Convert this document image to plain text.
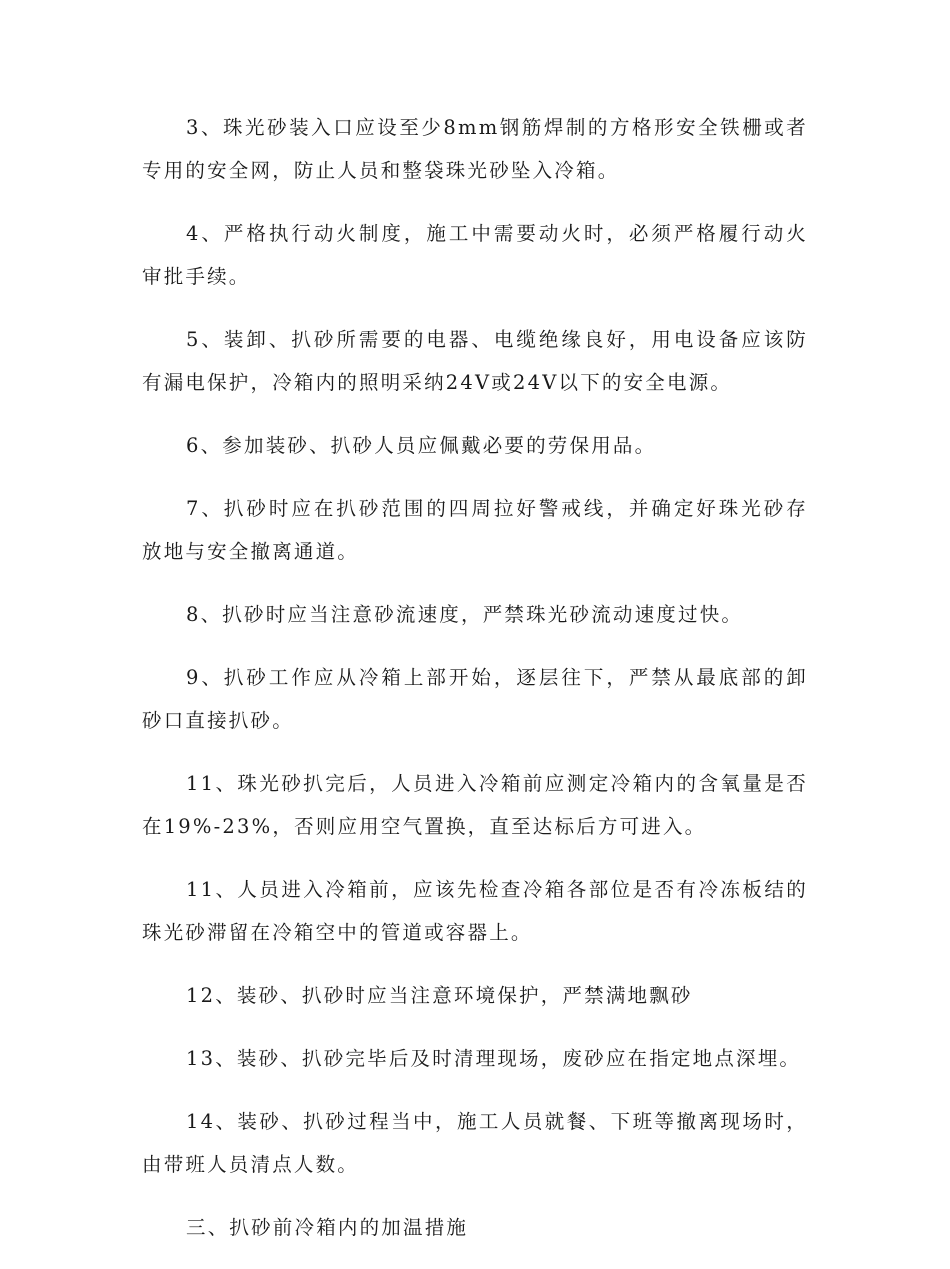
3、珠光砂装入口应设至少8mm钢筋焊制的方格形安全铁栅或者专用的安全网，防止人员和整袋珠光砂坠入冷箱。

4、严格执行动火制度，施工中需要动火时，必须严格履行动火审批手续。

5、装卸、扒砂所需要的电器、电缆绝缘良好，用电设备应该防有漏电保护，冷箱内的照明采纳24V或24V以下的安全电源。

6、参加装砂、扒砂人员应佩戴必要的劳保用品。

7、扒砂时应在扒砂范围的四周拉好警戒线，并确定好珠光砂存放地与安全撤离通道。

8、扒砂时应当注意砂流速度，严禁珠光砂流动速度过快。

9、扒砂工作应从冷箱上部开始，逐层往下，严禁从最底部的卸砂口直接扒砂。

11、珠光砂扒完后，人员进入冷箱前应测定冷箱内的含氧量是否在19%-23%，否则应用空气置换，直至达标后方可进入。

11、人员进入冷箱前，应该先检查冷箱各部位是否有冷冻板结的珠光砂滞留在冷箱空中的管道或容器上。

12、装砂、扒砂时应当注意环境保护，严禁满地飘砂

13、装砂、扒砂完毕后及时清理现场，废砂应在指定地点深埋。

14、装砂、扒砂过程当中，施工人员就餐、下班等撤离现场时，由带班人员清点人数。

三、扒砂前冷箱内的加温措施
